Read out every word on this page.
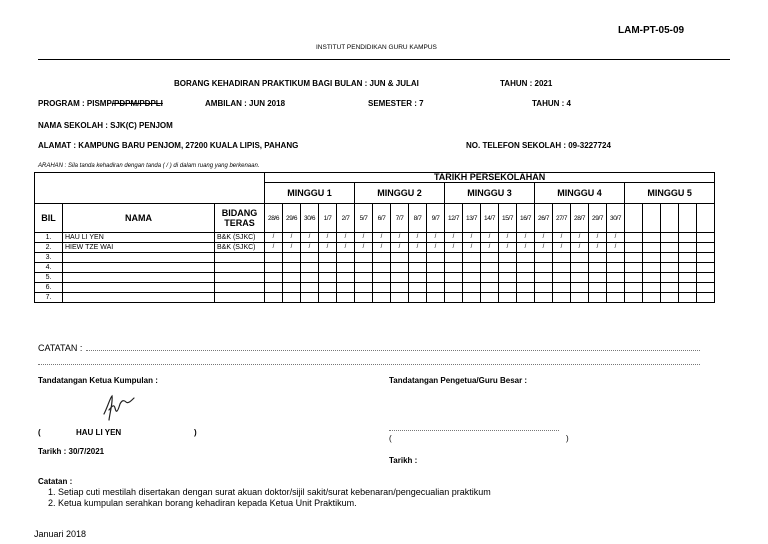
LAM-PT-05-09
INSTITUT PENDIDIKAN GURU KAMPUS
BORANG KEHADIRAN PRAKTIKUM BAGI BULAN : JUN & JULAI	TAHUN : 2021
PROGRAM : PISMP/PDPM/PDPLI	AMBILAN : JUN 2018	SEMESTER : 7	TAHUN : 4
NAMA SEKOLAH : SJK(C) PENJOM
ALAMAT : KAMPUNG BARU PENJOM, 27200 KUALA LIPIS, PAHANG	NO. TELEFON SEKOLAH : 09-3227724
ARAHAN : Sila tanda kehadiran dengan tanda ( / ) di dalam ruang yang berkenaan.
			TARIKH PERSEKOLAHAN																								
			MINGGU 1					MINGGU 2					MINGGU 3					MINGGU 4					MINGGU 5				
BIL	NAMA	BIDANG TERAS	28/6	29/6	30/6	1/7	2/7	5/7	6/7	7/7	8/7	9/7	12/7	13/7	14/7	15/7	16/7	26/7	27/7	28/7	29/7	30/7					
1.	HAU LI YEN	B&K (SJKC)	/	/	/	/	/	/	/	/	/	/	/	/	/	/	/	/	/	/	/	/					
2.	HIEW TZE WAI	B&K (SJKC)	/	/	/	/	/	/	/	/	/	/	/	/	/	/	/	/	/	/	/	/					
3.																											
4.																											
5.																											
6.																											
7.																											
CATATAN :
Tandatangan Ketua Kumpulan :	Tandatangan Pengetua/Guru Besar :
(	HAU LI YEN	)
(	)
Tarikh : 30/7/2021
Tarikh :
Catatan :
1. Setiap cuti mestilah disertakan dengan surat akuan doktor/sijil sakit/surat kebenaran/pengecualian praktikum
2. Ketua kumpulan serahkan borang kehadiran kepada Ketua Unit Praktikum.
Januari 2018
